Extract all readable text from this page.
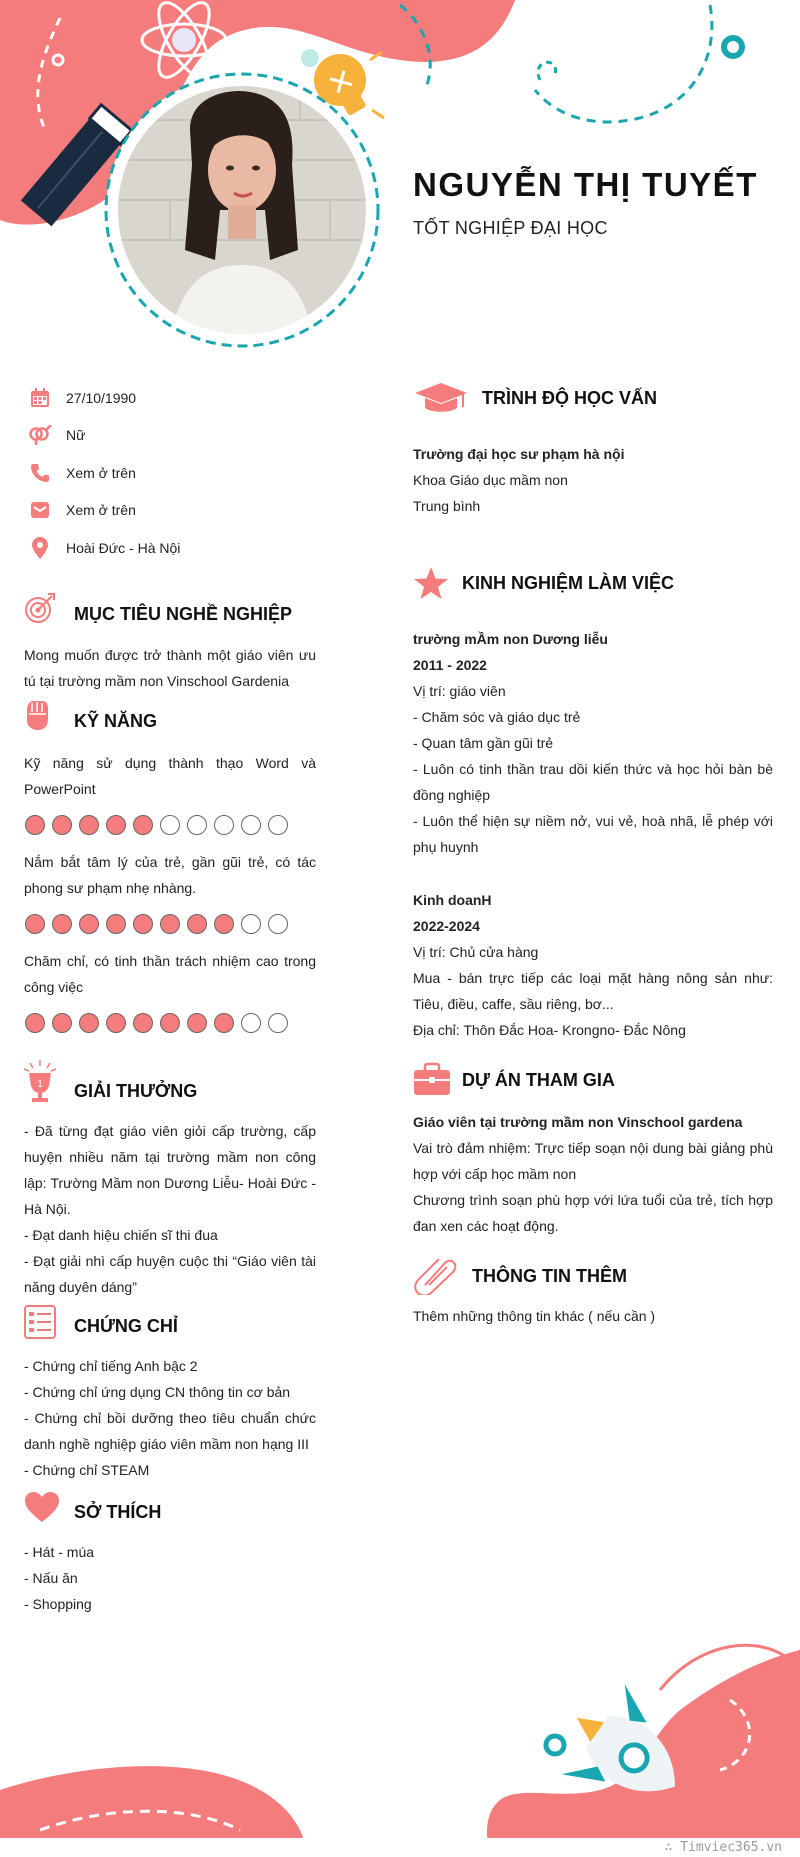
NGUYỄN THỊ TUYẾT
TỐT NGHIỆP ĐẠI HỌC
27/10/1990
Nữ
Xem ở trên
Xem ở trên
Hoài Đức - Hà Nội
MỤC TIÊU NGHỀ NGHIỆP
Mong muốn được trở thành một giáo viên ưu tú tại trường mầm non Vinschool Gardenia
KỸ NĂNG
Kỹ năng sử dụng thành thạo Word và PowerPoint
Nắm bắt tâm lý của trẻ, gần gũi trẻ, có tác phong sư phạm nhẹ nhàng.
Chăm chỉ, có tinh thần trách nhiệm cao trong công việc
1 GIẢI THƯỞNG
- Đã từng đạt giáo viên giỏi cấp trường, cấp huyện nhiều năm tại trường mầm non công lập: Trường Mầm non Dương Liễu- Hoài Đức - Hà Nội.
- Đạt danh hiệu chiến sĩ thi đua
- Đạt giải nhì cấp huyện cuộc thi “Giáo viên tài năng duyên dáng”
CHỨNG CHỈ
- Chứng chỉ tiếng Anh bậc 2
- Chứng chỉ ứng dụng CN thông tin cơ bản
- Chứng chỉ bồi dưỡng theo tiêu chuẩn chức danh nghề nghiệp giáo viên mầm non hạng III
- Chứng chỉ STEAM
SỞ THÍCH
- Hát - múa
- Nấu ăn
- Shopping
TRÌNH ĐỘ HỌC VẤN
Trường đại học sư phạm hà nội
Khoa Giáo dục mầm non
Trung bình
KINH NGHIỆM LÀM VIỆC
trường mẦm non Dương liễu
2011 - 2022
Vị trí: giáo viên
- Chăm sóc và giáo dục trẻ
- Quan tâm gần gũi trẻ
- Luôn có tinh thần trau dồi kiến thức và học hỏi bàn bè đồng nghiệp
- Luôn thể hiện sự niềm nở, vui vẻ, hoà nhã, lễ phép với phụ huynh
Kinh doanH
2022-2024
Vị trí: Chủ cửa hàng
Mua - bán trực tiếp các loại mặt hàng nông sản như: Tiêu, điều, caffe, sầu riêng, bơ...
Địa chỉ: Thôn Đắc Hoa- Krongno- Đắc Nông
DỰ ÁN THAM GIA
Giáo viên tại trường mầm non Vinschool gardena
Vai trò đảm nhiệm: Trực tiếp soạn nội dung bài giảng phù hợp với cấp học mầm non
Chương trình soạn phù hợp với lứa tuổi của trẻ, tích hợp đan xen các hoạt động.
THÔNG TIN THÊM
Thêm những thông tin khác ( nếu cần )
∴ Timviec365.vn
